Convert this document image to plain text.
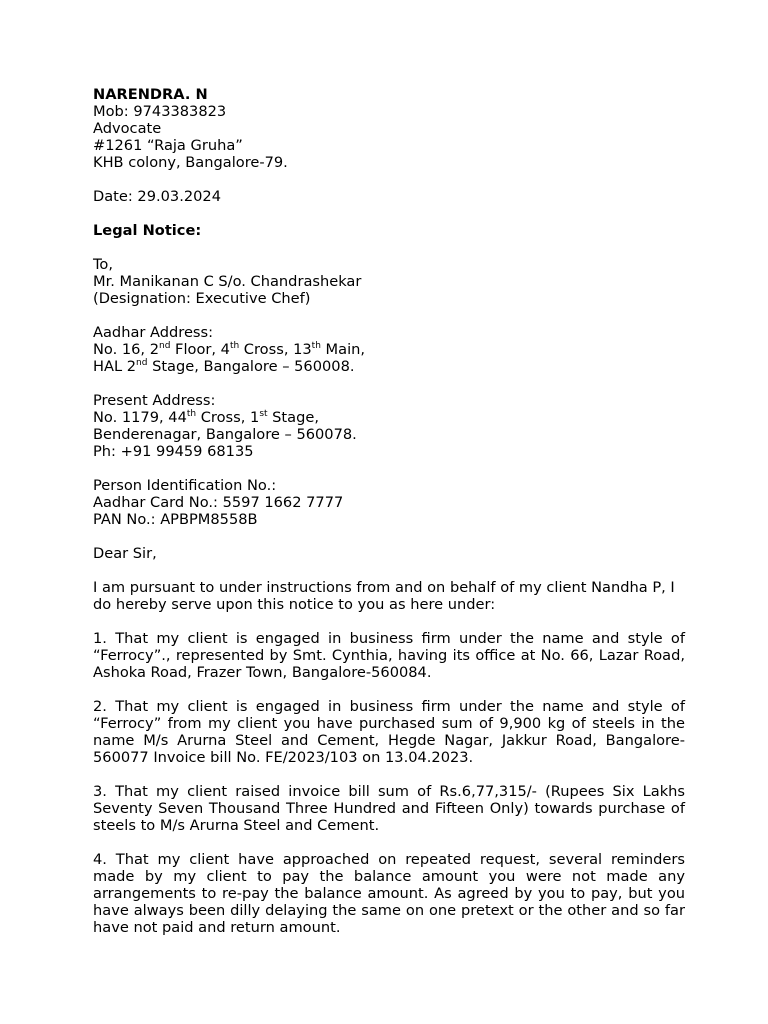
NARENDRA. N
Mob: 9743383823
Advocate
#1261 “Raja Gruha”
KHB colony, Bangalore-79.
Date: 29.03.2024
Legal Notice:
To,
Mr. Manikanan C S/o. Chandrashekar
(Designation: Executive Chef)
Aadhar Address:
No. 16, 2nd Floor, 4th Cross, 13th Main,
HAL 2nd Stage, Bangalore – 560008.
Present Address:
No. 1179, 44th Cross, 1st Stage,
Benderenagar, Bangalore – 560078.
Ph: +91 99459 68135
Person Identification No.:
Aadhar Card No.: 5597 1662 7777
PAN No.: APBPM8558B
Dear Sir,
I am pursuant to under instructions from and on behalf of my client Nandha P, I do hereby serve upon this notice to you as here under:
1. That my client is engaged in business firm under the name and style of “Ferrocy”., represented by Smt. Cynthia, having its office at No. 66, Lazar Road, Ashoka Road, Frazer Town, Bangalore-560084.
2. That my client is engaged in business firm under the name and style of “Ferrocy” from my client you have purchased sum of 9,900 kg of steels in the name M/s Arurna Steel and Cement, Hegde Nagar, Jakkur Road, Bangalore-560077 Invoice bill No. FE/2023/103 on 13.04.2023.
3. That my client raised invoice bill sum of Rs.6,77,315/- (Rupees Six Lakhs Seventy Seven Thousand Three Hundred and Fifteen Only) towards purchase of steels to M/s Arurna Steel and Cement.
4. That my client have approached on repeated request, several reminders made by my client to pay the balance amount you were not made any arrangements to re-pay the balance amount. As agreed by you to pay, but you have always been dilly delaying the same on one pretext or the other and so far have not paid and return amount.
